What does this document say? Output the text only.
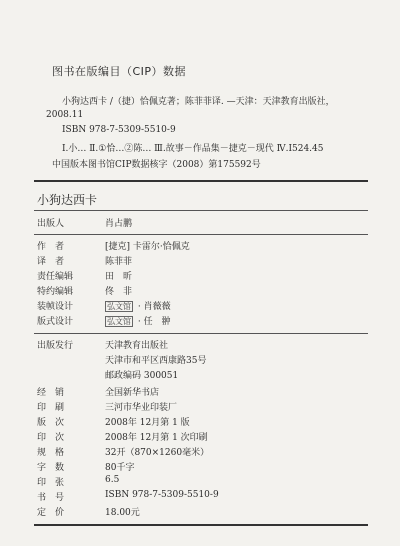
图书在版编目（CIP）数据
小狗达西卡 /（捷）恰佩克著；陈菲菲译. —天津：天津教育出版社，
2008.11
ISBN 978-7-5309-5510-9
Ⅰ.小… Ⅱ.①恰…②陈… Ⅲ.故事－作品集－捷克－现代 Ⅳ.I524.45
中国版本图书馆CIP数据核字（2008）第175592号
小狗达西卡
出版人	肖占鹏
作　者	[捷克] 卡雷尔·恰佩克
译　者	陈菲菲
责任编辑	田　昕
特约编辑	佟　非
装帧设计	弘文馆 · 肖薇薇
版式设计	弘文馆 · 任　翀
出版发行	天津教育出版社
天津市和平区西康路35号
邮政编码 300051
经　销	全国新华书店
印　刷	三河市华业印装厂
版　次	2008年 12月第 1 版
印　次	2008年 12月第 1 次印刷
规　格	32开（870×1260毫米）
字　数	80千字
印　张	6.5
书　号	ISBN 978-7-5309-5510-9
定　价	18.00元
